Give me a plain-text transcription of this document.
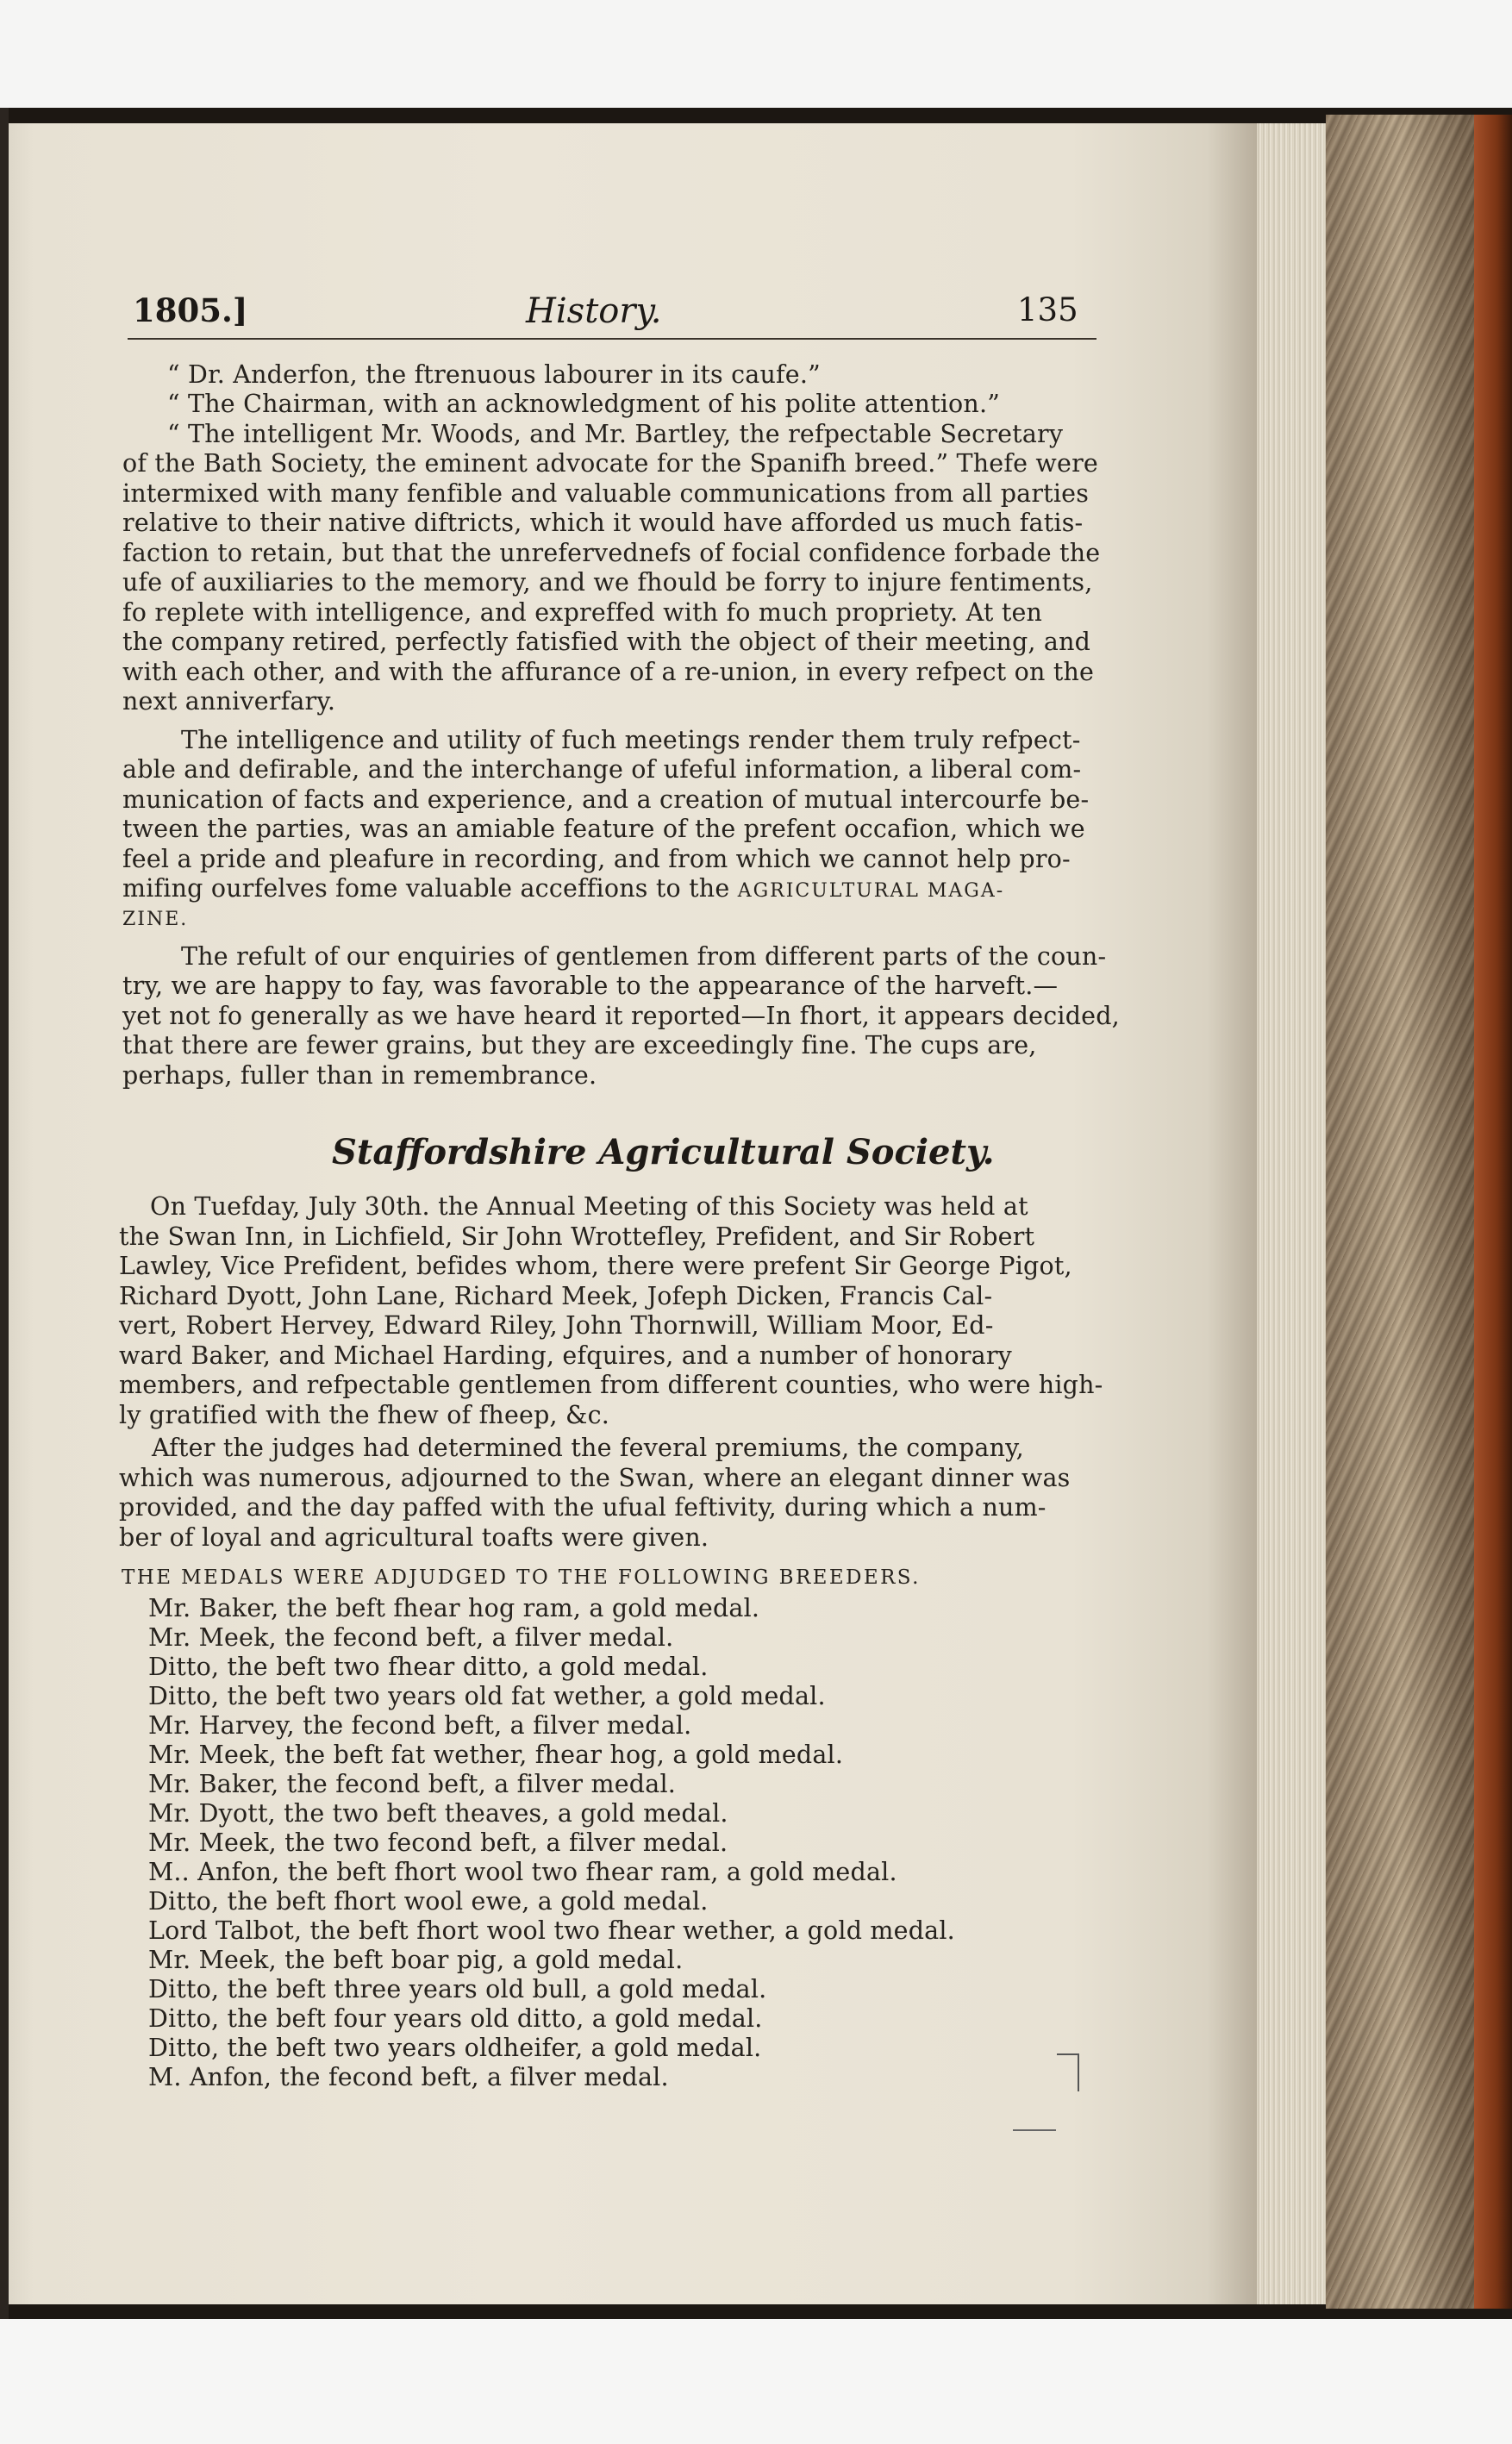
1805.]	History.	135

“ Dr. Anderfon, the ftrenuous labourer in its caufe.”

“ The Chairman, with an acknowledgment of his polite attention.”

“ The intelligent Mr. Woods, and Mr. Bartley, the refpectable Secretary

of the Bath Society, the eminent advocate for the Spanifh breed.” Thefe were

intermixed with many fenfible and valuable communications from all parties

relative to their native diftricts, which it would have afforded us much fatis-

faction to retain, but that the unrefervednefs of focial confidence forbade the

ufe of auxiliaries to the memory, and we fhould be forry to injure fentiments,

fo replete with intelligence, and expreffed with fo much propriety. At ten

the company retired, perfectly fatisfied with the object of their meeting, and

with each other, and with the affurance of a re-union, in every refpect on the

next anniverfary.

The intelligence and utility of fuch meetings render them truly refpect-

able and defirable, and the interchange of ufeful information, a liberal com-

munication of facts and experience, and a creation of mutual intercourfe be-

tween the parties, was an amiable feature of the prefent occafion, which we

feel a pride and pleafure in recording, and from which we cannot help pro-

mifing ourfelves fome valuable acceffions to the AGRICULTURAL MAGA-

ZINE.

The refult of our enquiries of gentlemen from different parts of the coun-

try, we are happy to fay, was favorable to the appearance of the harveft.—

yet not fo generally as we have heard it reported—In fhort, it appears decided,

that there are fewer grains, but they are exceedingly fine. The cups are,

perhaps, fuller than in remembrance.

Staffordshire Agricultural Society.

On Tuefday, July 30th. the Annual Meeting of this Society was held at

the Swan Inn, in Lichfield, Sir John Wrottefley, Prefident, and Sir Robert

Lawley, Vice Prefident, befides whom, there were prefent Sir George Pigot,

Richard Dyott, John Lane, Richard Meek, Jofeph Dicken, Francis Cal-

vert, Robert Hervey, Edward Riley, John Thornwill, William Moor, Ed-

ward Baker, and Michael Harding, efquires, and a number of honorary

members, and refpectable gentlemen from different counties, who were high-

ly gratified with the fhew of fheep, &c.

After the judges had determined the feveral premiums, the company,

which was numerous, adjourned to the Swan, where an elegant dinner was

provided, and the day paffed with the ufual feftivity, during which a num-

ber of loyal and agricultural toafts were given.

THE MEDALS WERE ADJUDGED TO THE FOLLOWING BREEDERS.

Mr. Baker, the beft fhear hog ram, a gold medal.

Mr. Meek, the fecond beft, a filver medal.

Ditto, the beft two fhear ditto, a gold medal.

Ditto, the beft two years old fat wether, a gold medal.

Mr. Harvey, the fecond beft, a filver medal.

Mr. Meek, the beft fat wether, fhear hog, a gold medal.

Mr. Baker, the fecond beft, a filver medal.

Mr. Dyott, the two beft theaves, a gold medal.

Mr. Meek, the two fecond beft, a filver medal.

M.. Anfon, the beft fhort wool two fhear ram, a gold medal.

Ditto, the beft fhort wool ewe, a gold medal.

Lord Talbot, the beft fhort wool two fhear wether, a gold medal.

Mr. Meek, the beft boar pig, a gold medal.

Ditto, the beft three years old bull, a gold medal.

Ditto, the beft four years old ditto, a gold medal.

Ditto, the beft two years oldheifer, a gold medal.

M. Anfon, the fecond beft, a filver medal.
